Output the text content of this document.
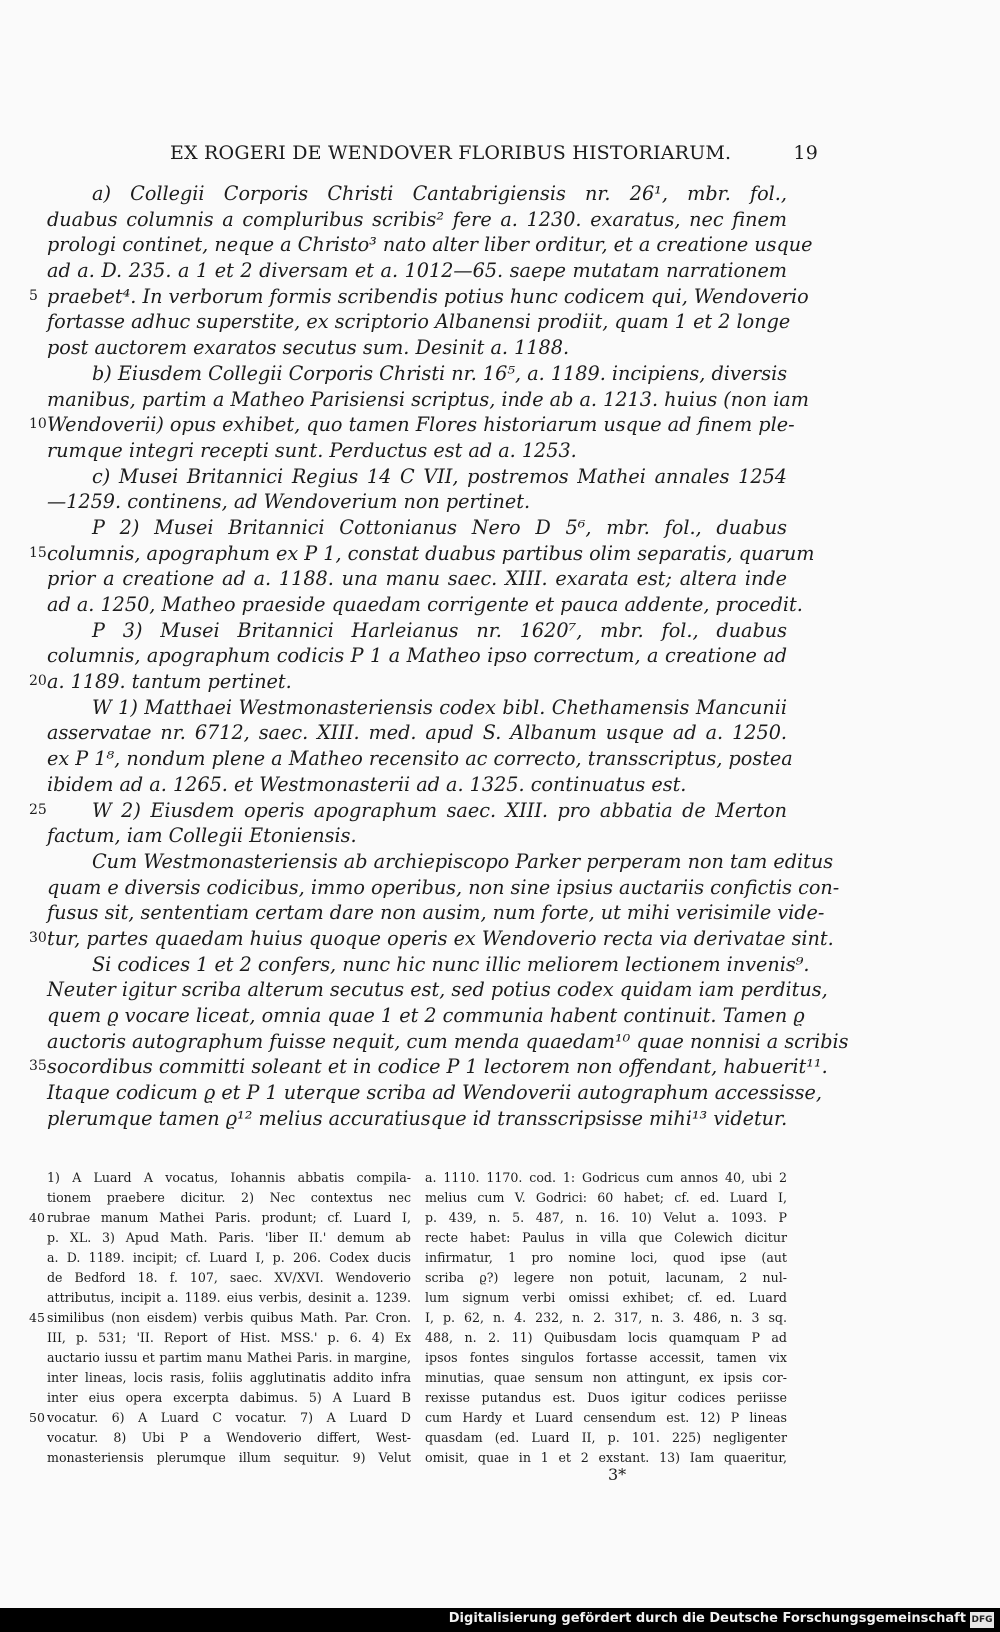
EX ROGERI DE WENDOVER FLORIBUS HISTORIARUM.	19
a) Collegii Corporis Christi Cantabrigiensis nr. 26¹, mbr. fol.,
duabus columnis a compluribus scribis² fere a. 1230. exaratus, nec finem
prologi continet, neque a Christo³ nato alter liber orditur, et a creatione usque
ad a. D. 235. a 1 et 2 diversam et a. 1012—65. saepe mutatam narrationem
5 praebet⁴. In verborum formis scribendis potius hunc codicem qui, Wendoverio
fortasse adhuc superstite, ex scriptorio Albanensi prodiit, quam 1 et 2 longe
post auctorem exaratos secutus sum. Desinit a. 1188.
b) Eiusdem Collegii Corporis Christi nr. 16⁵, a. 1189. incipiens, diversis
manibus, partim a Matheo Parisiensi scriptus, inde ab a. 1213. huius (non iam
10 Wendoverii) opus exhibet, quo tamen Flores historiarum usque ad finem ple-
rumque integri recepti sunt. Perductus est ad a. 1253.
c) Musei Britannici Regius 14 C VII, postremos Mathei annales 1254
—1259. continens, ad Wendoverium non pertinet.
P 2) Musei Britannici Cottonianus Nero D 5⁶, mbr. fol., duabus
15 columnis, apographum ex P 1, constat duabus partibus olim separatis, quarum
prior a creatione ad a. 1188. una manu saec. XIII. exarata est; altera inde
ad a. 1250, Matheo praeside quaedam corrigente et pauca addente, procedit.
P 3) Musei Britannici Harleianus nr. 1620⁷, mbr. fol., duabus
columnis, apographum codicis P 1 a Matheo ipso correctum, a creatione ad
20 a. 1189. tantum pertinet.
W 1) Matthaei Westmonasteriensis codex bibl. Chethamensis Mancunii
asservatae nr. 6712, saec. XIII. med. apud S. Albanum usque ad a. 1250.
ex P 1⁸, nondum plene a Matheo recensito ac correcto, transscriptus, postea
ibidem ad a. 1265. et Westmonasterii ad a. 1325. continuatus est.
25 W 2) Eiusdem operis apographum saec. XIII. pro abbatia de Merton
factum, iam Collegii Etoniensis.
Cum Westmonasteriensis ab archiepiscopo Parker perperam non tam editus
quam e diversis codicibus, immo operibus, non sine ipsius auctariis confictis con-
fusus sit, sententiam certam dare non ausim, num forte, ut mihi verisimile vide-
30 tur, partes quaedam huius quoque operis ex Wendoverio recta via derivatae sint.
Si codices 1 et 2 confers, nunc hic nunc illic meliorem lectionem invenis⁹.
Neuter igitur scriba alterum secutus est, sed potius codex quidam iam perditus,
quem ϱ vocare liceat, omnia quae 1 et 2 communia habent continuit. Tamen ϱ
auctoris autographum fuisse nequit, cum menda quaedam¹⁰ quae nonnisi a scribis
35 socordibus committi soleant et in codice P 1 lectorem non offendant, habuerit¹¹.
Itaque codicum ϱ et P 1 uterque scriba ad Wendoverii autographum accessisse,
plerumque tamen ϱ¹² melius accuratiusque id transscripsisse mihi¹³ videtur.
1) A Luard A vocatus, Iohannis abbatis compila-
tionem praebere dicitur. 2) Nec contextus nec
40 rubrae manum Mathei Paris. produnt; cf. Luard I,
p. XL. 3) Apud Math. Paris. 'liber II.' demum ab
a. D. 1189. incipit; cf. Luard I, p. 206. Codex ducis
de Bedford 18. f. 107, saec. XV/XVI. Wendoverio
attributus, incipit a. 1189. eius verbis, desinit a. 1239.
45 similibus (non eisdem) verbis quibus Math. Par. Cron.
III, p. 531; 'II. Report of Hist. MSS.' p. 6. 4) Ex
auctario iussu et partim manu Mathei Paris. in margine,
inter lineas, locis rasis, foliis agglutinatis addito infra
inter eius opera excerpta dabimus. 5) A Luard B
50 vocatur. 6) A Luard C vocatur. 7) A Luard D
vocatur. 8) Ubi P a Wendoverio differt, West-
monasteriensis plerumque illum sequitur. 9) Velut
a. 1110. 1170. cod. 1: Godricus cum annos 40, ubi 2
melius cum V. Godrici: 60 habet; cf. ed. Luard I,
p. 439, n. 5. 487, n. 16. 10) Velut a. 1093. P
recte habet: Paulus in villa que Colewich dicitur
infirmatur, 1 pro nomine loci, quod ipse (aut
scriba ϱ?) legere non potuit, lacunam, 2 nul-
lum signum verbi omissi exhibet; cf. ed. Luard
I, p. 62, n. 4. 232, n. 2. 317, n. 3. 486, n. 3 sq.
488, n. 2. 11) Quibusdam locis quamquam P ad
ipsos fontes singulos fortasse accessit, tamen vix
minutias, quae sensum non attingunt, ex ipsis cor-
rexisse putandus est. Duos igitur codices periisse
cum Hardy et Luard censendum est. 12) P lineas
quasdam (ed. Luard II, p. 101. 225) negligenter
omisit, quae in 1 et 2 exstant. 13) Iam quaeritur,
3*
Digitalisierung gefördert durch die Deutsche Forschungsgemeinschaft DFG
